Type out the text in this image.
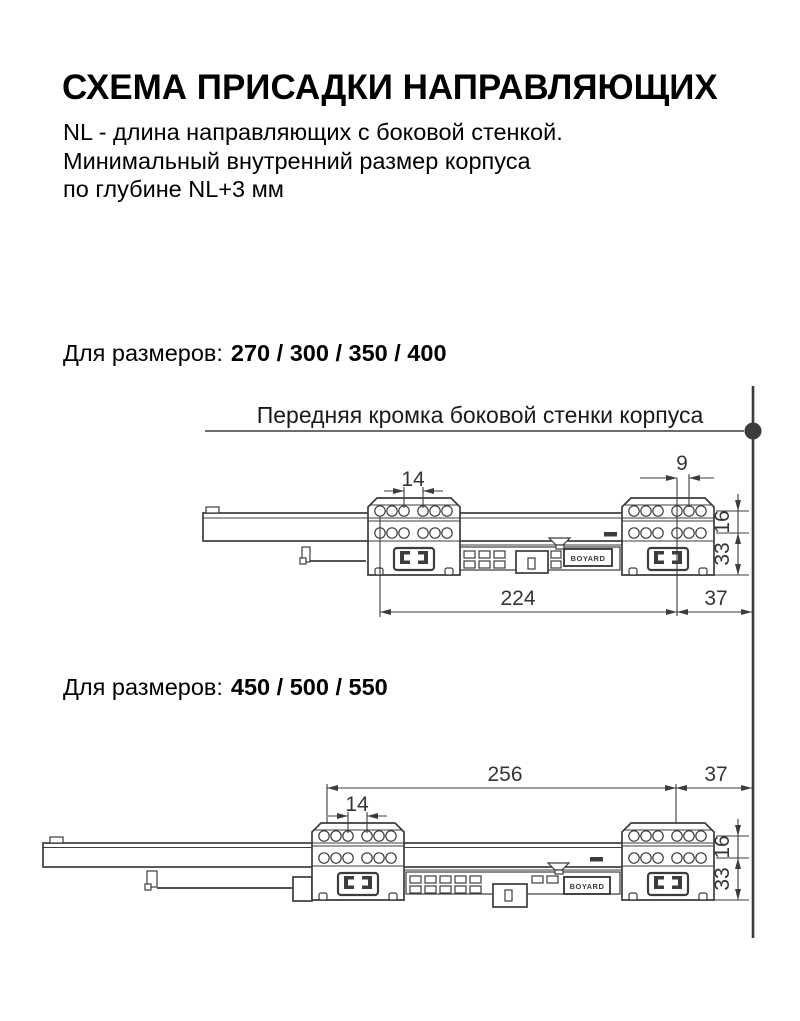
СХЕМА ПРИСАДКИ НАПРАВЛЯЮЩИХ
NL - длина направляющих с боковой стенкой.
Минимальный внутренний размер корпуса
по глубине NL+3 мм
Для размеров: 270 / 300 / 350 / 400
Для размеров: 450 / 500 / 550
Передняя кромка боковой стенки корпуса
BOYARD
9
224	37
256	37
BOYARD
